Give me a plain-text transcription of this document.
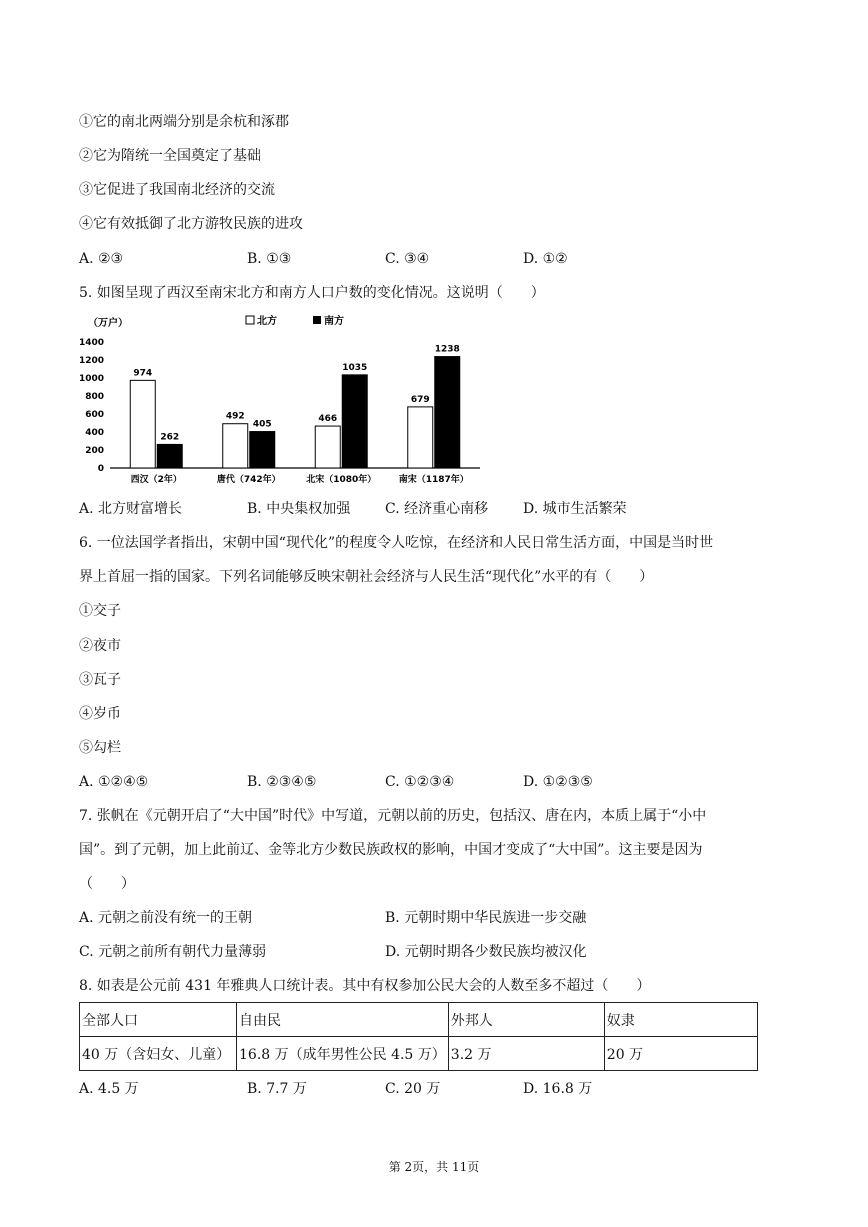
①它的南北两端分别是余杭和涿郡
②它为隋统一全国奠定了基础
③它促进了我国南北经济的交流
④它有效抵御了北方游牧民族的进攻
A. ②③	B. ①③	C. ③④	D. ①②
5. 如图呈现了西汉至南宋北方和南方人口户数的变化情况。这说明（　　）
（万户）	北方	南方
0
200
400
600
800
1000
1200
1400
974
262
492
405
466
1035
679
1238
西汉（2年）	唐代（742年）	北宋（1080年） 南宋（1187年）
A. 北方财富增长	B. 中央集权加强 C. 经济重心南移 D. 城市生活繁荣
6. 一位法国学者指出，宋朝中国“现代化”的程度令人吃惊，在经济和人民日常生活方面，中国是当时世
界上首屈一指的国家。下列名词能够反映宋朝社会经济与人民生活“现代化”水平的有（　　）
①交子
②夜市
③瓦子
④岁币
⑤勾栏
A. ①②④⑤	B. ②③④⑤	C. ①②③④	D. ①②③⑤
7. 张帆在《元朝开启了“大中国”时代》中写道，元朝以前的历史，包括汉、唐在内，本质上属于“小中
国”。到了元朝，加上此前辽、金等北方少数民族政权的影响，中国才变成了“大中国”。这主要是因为
（　　）
A. 元朝之前没有统一的王朝	B. 元朝时期中华民族进一步交融
C. 元朝之前所有朝代力量薄弱	D. 元朝时期各少数民族均被汉化
8. 如表是公元前 431 年雅典人口统计表。其中有权参加公民大会的人数至多不超过（　　）
全部人口	自由民	外邦人	奴隶
40 万（含妇女、儿童）	16.8 万（成年男性公民 4.5 万）	3.2 万	20 万
A. 4.5 万	B. 7.7 万	C. 20 万	D. 16.8 万
第 2页，共 11页
